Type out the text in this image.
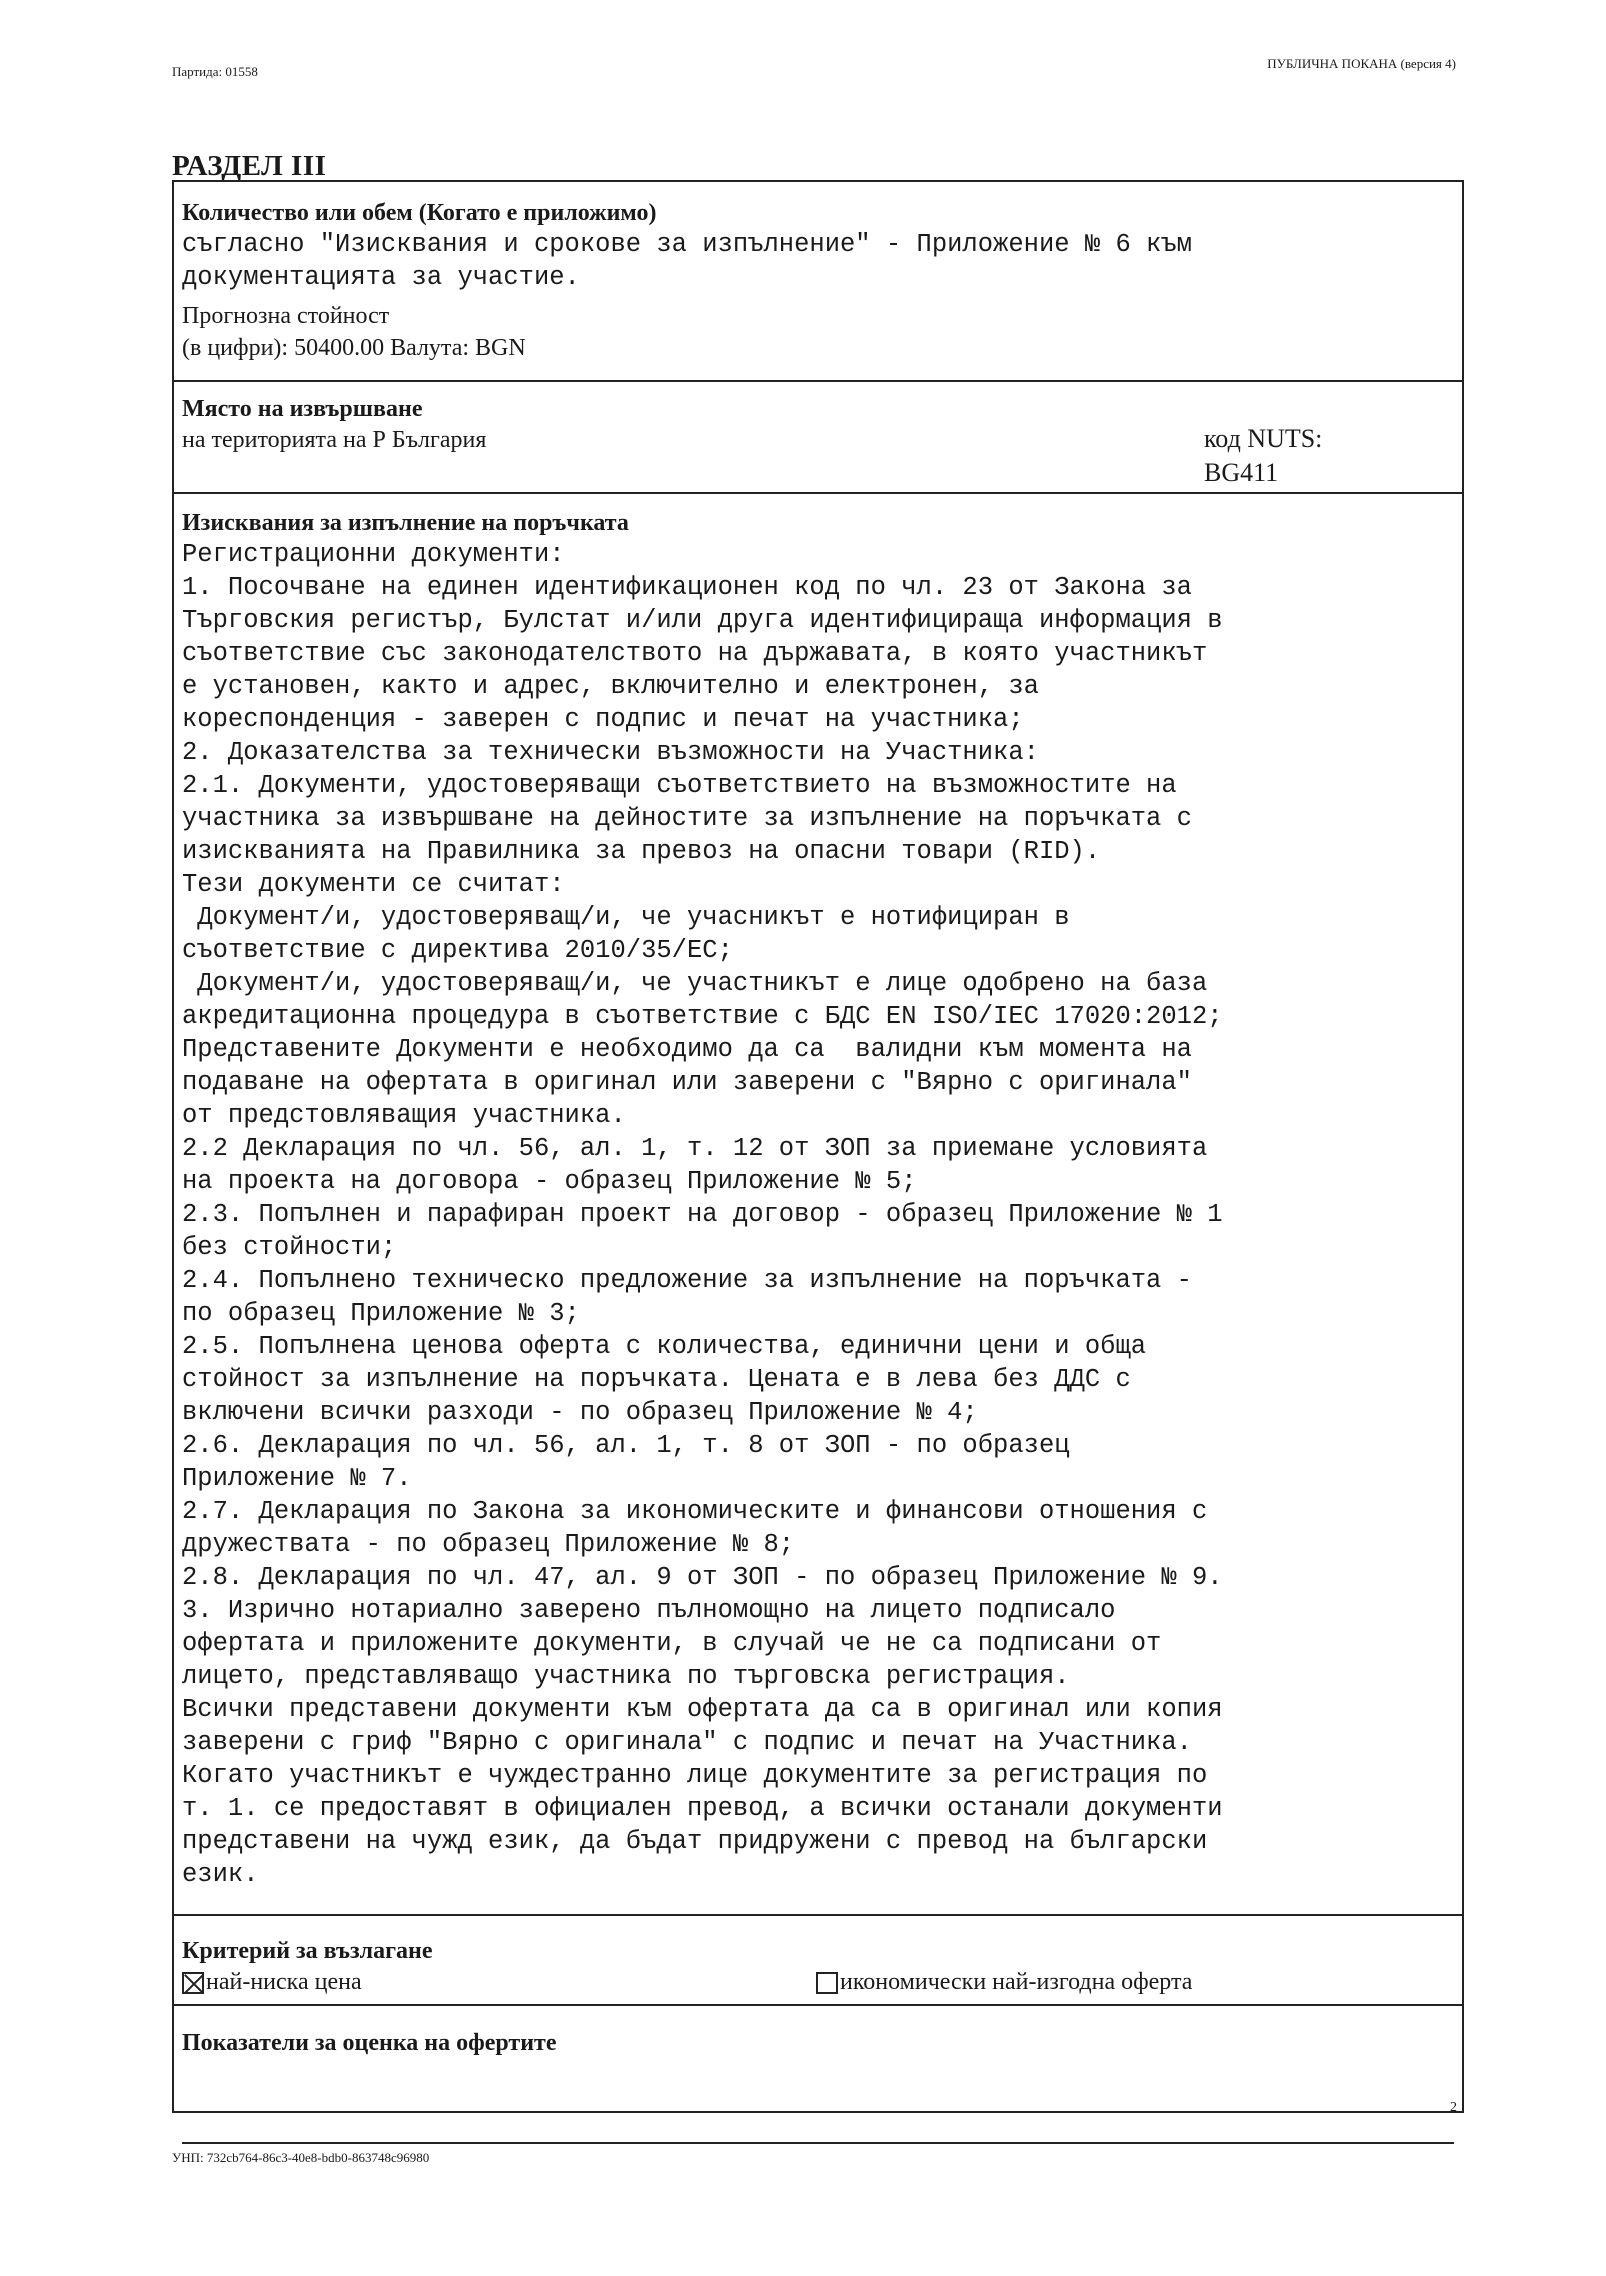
Партида: 01558
ПУБЛИЧНА ПОКАНА (версия 4)
РАЗДЕЛ III
Количество или обем (Когато е приложимо)
съгласно "Изисквания и срокове за изпълнение" - Приложение № 6 към
документацията за участие.
Прогнозна стойност
(в цифри): 50400.00 Валута: BGN
Място на извършване
на територията на Р България	код NUTS:
BG411
Изисквания за изпълнение на поръчката
Регистрационни документи:
1. Посочване на единен идентификационен код по чл. 23 от Закона за
Търговския регистър, Булстат и/или друга идентифицираща информация в
съответствие със законодателството на държавата, в която участникът
е установен, както и адрес, включително и електронен, за
кореспонденция - заверен с подпис и печат на участника;
2. Доказателства за технически възможности на Участника:
2.1. Документи, удостоверяващи съответствието на възможностите на
участника за извършване на дейностите за изпълнение на поръчката с
изискванията на Правилника за превоз на опасни товари (RID).
Тези документи се считат:
Документ/и, удостоверяващ/и, че учасникът е нотифициран в
съответствие с директива 2010/35/ЕС;
Документ/и, удостоверяващ/и, че участникът е лице одобрено на база
акредитационна процедура в съответствие с БДС EN ISO/IEC 17020:2012;
Представените Документи е необходимо да са  валидни към момента на
подаване на офертата в оригинал или заверени с "Вярно с оригинала"
от предстовляващия участника.
2.2 Декларация по чл. 56, ал. 1, т. 12 от ЗОП за приемане условията
на проекта на договора - образец Приложение № 5;
2.3. Попълнен и парафиран проект на договор - образец Приложение № 1
без стойности;
2.4. Попълнено техническо предложение за изпълнение на поръчката -
по образец Приложение № 3;
2.5. Попълнена ценова оферта с количества, единични цени и обща
стойност за изпълнение на поръчката. Цената е в лева без ДДС с
включени всички разходи - по образец Приложение № 4;
2.6. Декларация по чл. 56, ал. 1, т. 8 от ЗОП - по образец
Приложение № 7.
2.7. Декларация по Закона за икономическите и финансови отношения с
дружествата - по образец Приложение № 8;
2.8. Декларация по чл. 47, ал. 9 от ЗОП - по образец Приложение № 9.
3. Изрично нотариално заверено пълномощно на лицето подписало
офертата и приложените документи, в случай че не са подписани от
лицето, представляващо участника по търговска регистрация.
Всички представени документи към офертата да са в оригинал или копия
заверени с гриф "Вярно с оригинала" с подпис и печат на Участника.
Когато участникът е чуждестранно лице документите за регистрация по
т. 1. се предоставят в официален превод, а всички останали документи
представени на чужд език, да бъдат придружени с превод на български
език.
Критерий за възлагане
най-ниска цена	икономически най-изгодна оферта
Показатели за оценка на офертите
УНП: 732cb764-86c3-40e8-bdb0-863748c96980
2
